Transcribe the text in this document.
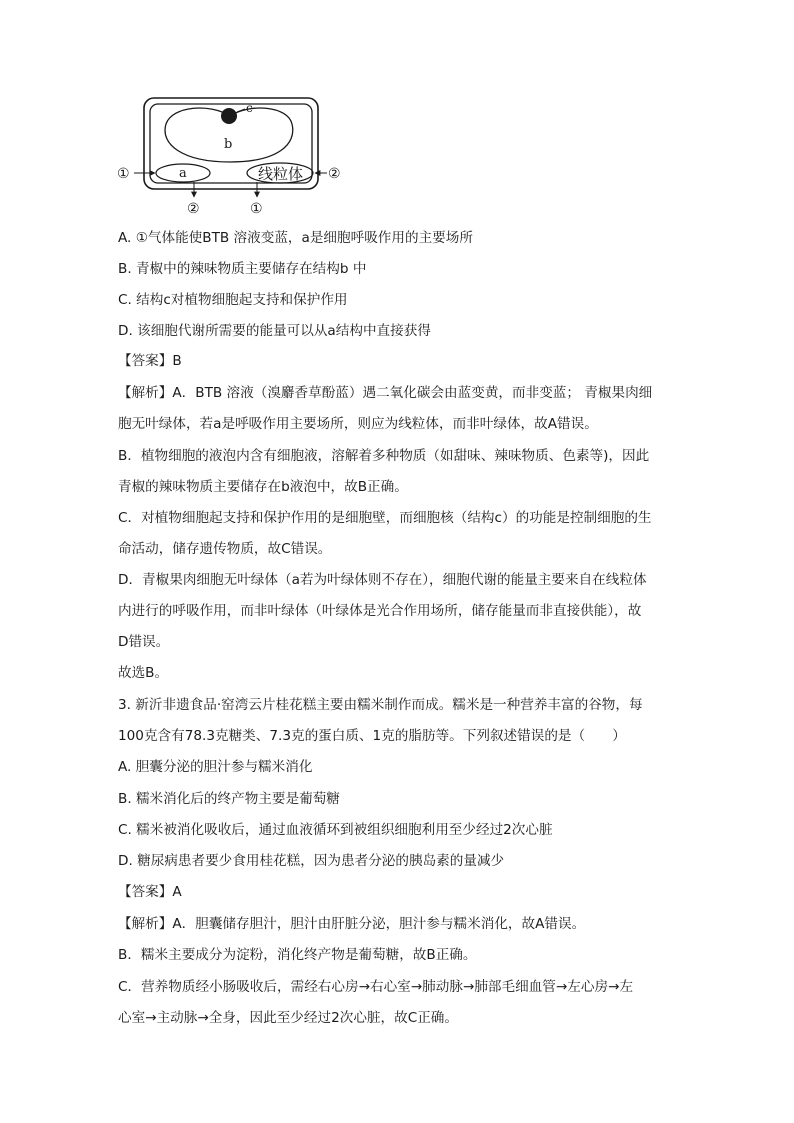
c
b
a	线粒体
①
②	①
②
A. ①气体能使BTB 溶液变蓝，a是细胞呼吸作用的主要场所
B. 青椒中的辣味物质主要储存在结构b 中
C. 结构c对植物细胞起支持和保护作用
D. 该细胞代谢所需要的能量可以从a结构中直接获得
【答案】B
【解析】A．BTB 溶液（溴麝香草酚蓝）遇二氧化碳会由蓝变黄，而非变蓝； 青椒果肉细
胞无叶绿体，若a是呼吸作用主要场所，则应为线粒体，而非叶绿体，故A错误。
B．植物细胞的液泡内含有细胞液，溶解着多种物质（如甜味、辣味物质、色素等)，因此
青椒的辣味物质主要储存在b液泡中，故B正确。
C．对植物细胞起支持和保护作用的是细胞壁，而细胞核（结构c）的功能是控制细胞的生
命活动，储存遗传物质，故C错误。
D．青椒果肉细胞无叶绿体（a若为叶绿体则不存在），细胞代谢的能量主要来自在线粒体
内进行的呼吸作用，而非叶绿体（叶绿体是光合作用场所，储存能量而非直接供能），故
D错误。
故选B。
3. 新沂非遗食品·窑湾云片桂花糕主要由糯米制作而成。糯米是一种营养丰富的谷物，每
100克含有78.3克糖类、7.3克的蛋白质、1克的脂肪等。下列叙述错误的是（　　）
A. 胆囊分泌的胆汁参与糯米消化
B. 糯米消化后的终产物主要是葡萄糖
C. 糯米被消化吸收后，通过血液循环到被组织细胞利用至少经过2次心脏
D. 糖尿病患者要少食用桂花糕，因为患者分泌的胰岛素的量减少
【答案】A
【解析】A．胆囊储存胆汁，胆汁由肝脏分泌，胆汁参与糯米消化，故A错误。
B．糯米主要成分为淀粉，消化终产物是葡萄糖，故B正确。
C．营养物质经小肠吸收后，需经右心房→右心室→肺动脉→肺部毛细血管→左心房→左
心室→主动脉→全身，因此至少经过2次心脏，故C正确。
